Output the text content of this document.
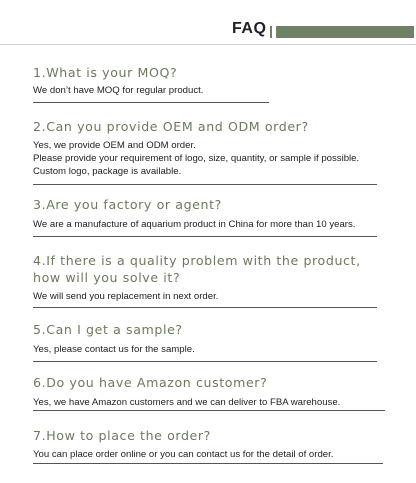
FAQ
1.What is your MOQ?
We don’t have MOQ for regular product.
2.Can you provide OEM and ODM order?
Yes, we provide OEM and ODM order.
Please provide your requirement of logo, size, quantity, or sample if possible.
Custom logo, package is available.
3.Are you factory or agent?
We are a manufacture of aquarium product in China for more than 10 years.
4.If there is a quality problem with the product,
how will you solve it?
We will send you replacement in next order.
5.Can I get a sample?
Yes, please contact us for the sample.
6.Do you have Amazon customer?
Yes, we have Amazon customers and we can deliver to FBA warehouse.
7.How to place the order?
You can place order online or you can contact us for the detail of order.
